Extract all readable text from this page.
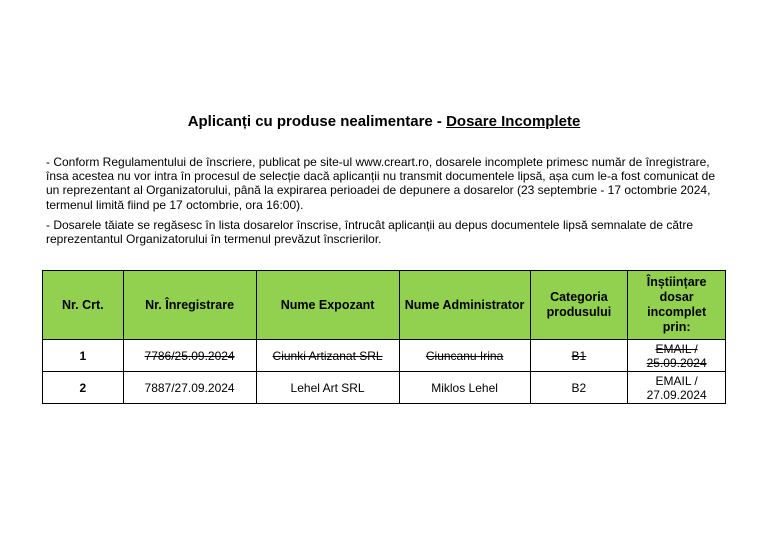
Aplicanți cu produse nealimentare - Dosare Incomplete
- Conform Regulamentului de înscriere, publicat pe site-ul www.creart.ro, dosarele incomplete primesc număr de înregistrare, însa acestea nu vor intra în procesul de selecție dacă aplicanții nu transmit documentele lipsă, așa cum le-a fost comunicat de un reprezentant al Organizatorului, până la expirarea perioadei de depunere a dosarelor (23 septembrie - 17 octombrie 2024, termenul limită fiind pe 17 octombrie, ora 16:00).
- Dosarele tăiate se regăsesc în lista dosarelor înscrise, întrucât aplicanții au depus documentele lipsă semnalate de către reprezentantul Organizatorului în termenul prevăzut înscrierilor.
Nr. Crt.	Nr. Înregistrare	Nume Expozant	Nume Administrator	Categoria produsului	Înștiințare dosar incomplet prin:
1	7786/25.09.2024	Ciunki Artizanat SRL	Ciuncanu Irina	B1	EMAIL / 25.09.2024
2	7887/27.09.2024	Lehel Art SRL	Miklos Lehel	B2	EMAIL / 27.09.2024
